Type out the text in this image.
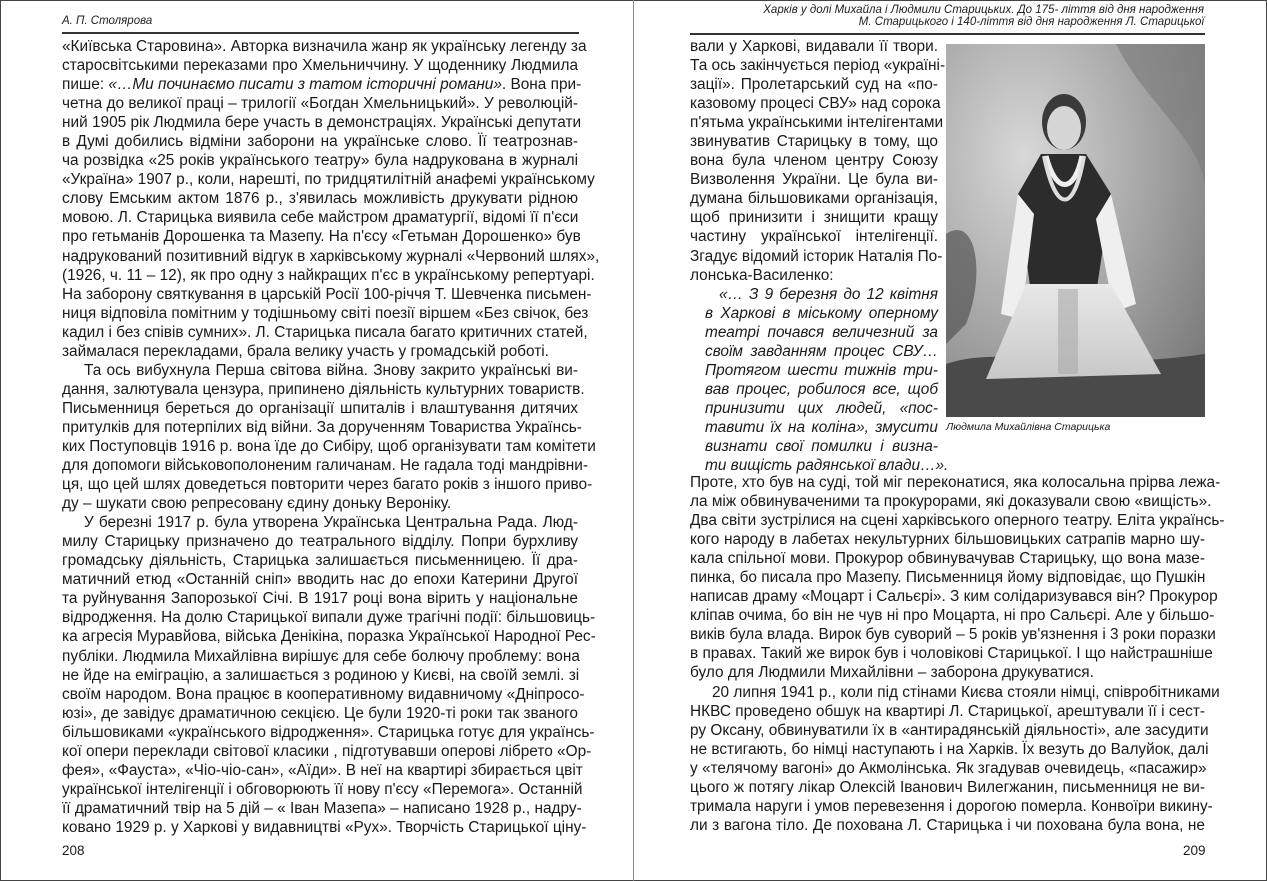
А. П. Столярова
«Київська Старовина». Авторка визначила жанр як українську легенду за
старосвітськими переказами про Хмельниччину. У щоденнику Людмила
пише: «…Ми починаємо писати з татом історичні романи». Вона при-
четна до великої праці – трилогії «Богдан Хмельницький». У революцій-
ний 1905 рік Людмила бере участь в демонстраціях. Українські депутати
в Думі добились відміни заборони на українське слово. Її театрознав-
ча розвідка «25 років українського театру» була надрукована в журналі
«Україна» 1907 р., коли, нарешті, по тридцятилітній анафемі українському
слову Емським актом 1876 р., з'явилась можливість друкувати рідною
мовою. Л. Старицька виявила себе майстром драматургії, відомі її п'єси
про гетьманів Дорошенка та Мазепу. На п'єсу «Гетьман Дорошенко» був
надрукований позитивний відгук в харківському журналі «Червоний шлях»,
(1926, ч. 11 – 12), як про одну з найкращих п'єс в українському репертуарі.
На заборону святкування в царській Росії 100-річчя Т. Шевченка письмен-
ниця відповіла помітним у тодішньому світі поезії віршем «Без свічок, без
кадил і без співів сумних». Л. Старицька писала багато критичних статей,
займалася перекладами, брала велику участь у громадській роботі.
Та ось вибухнула Перша світова війна. Знову закрито українські ви-
дання, залютувала цензура, припинено діяльність культурних товариств.
Письменниця береться до організації шпиталів і влаштування дитячих
притулків для потерпілих від війни. За дорученням Товариства Українсь-
ких Поступовців 1916 р. вона їде до Сибіру, щоб організувати там комітети
для допомоги військовополоненим галичанам. Не гадала тоді мандрівни-
ця, що цей шлях доведеться повторити через багато років з іншого приво-
ду – шукати свою репресовану єдину доньку Вероніку.
У березні 1917 р. була утворена Українська Центральна Рада. Люд-
милу Старицьку призначено до театрального відділу. Попри бурхливу
громадську діяльність, Старицька залишається письменницею. Її дра-
матичний етюд «Останній сніп» вводить нас до епохи Катерини Другої
та руйнування Запорозької Січі. В 1917 році вона вірить у національне
відродження. На долю Старицької випали дуже трагічні події: більшовиць-
ка агресія Муравйова, війська Денікіна, поразка Української Народної Рес-
публіки. Людмила Михайлівна вирішує для себе болючу проблему: вона
не йде на еміграцію, а залишається з родиною у Києві, на своїй землі. зі
своїм народом. Вона працює в кооперативному видавничому «Дніпросо-
юзі», де завідує драматичною секцією. Це були 1920-ті роки так званого
більшовиками «українського відродження». Старицька готує для українсь-
кої опери переклади світової класики , підготувавши оперові лібрето «Ор-
фея», «Фауста», «Чіо-чіо-сан», «Аїди». В неї на квартирі збирається цвіт
української інтелігенції і обговорюють її нову п'єсу «Перемога». Останній
її драматичний твір на 5 дій – « Іван Мазепа» – написано 1928 р., надру-
ковано 1929 р. у Харкові у видавництві «Рух». Творчість Старицької ціну-
208
Харків у долі Михайла і Людмили Старицьких. До 175- ліття від дня народження
М. Старицького і 140-ліття від дня народження Л. Старицької
вали у Харкові, видавали її твори.
Та ось закінчується період «україні-
зації». Пролетарський суд на «по-
казовому процесі СВУ» над сорока
п'ятьма українськими інтелігентами
звинуватив Старицьку в тому, що
вона була членом центру Союзу
Визволення України. Це була ви-
думана більшовиками організація,
щоб принизити і знищити кращу
частину української інтелігенції.
Згадує відомий історик Наталія По-
лонська-Василенко:
«… З 9 березня до 12 квітня
в Харкові в міському оперному
театрі почався величезний за
своїм завданням процес СВУ…
Протягом шести тижнів три-
вав процес, робилося все, щоб
принизити цих людей, «пос-
тавити їх на коліна», змусити
визнати свої помилки і визна-
ти вищість радянської влади…».
Проте, хто був на суді, той міг переконатися, яка колосальна прірва лежа-
ла між обвинуваченими та прокурорами, які доказували свою «вищість».
Два світи зустрілися на сцені харківського оперного театру. Еліта українсь-
кого народу в лабетах некультурних більшовицьких сатрапів марно шу-
кала спільної мови. Прокурор обвинувачував Старицьку, що вона мазе-
пинка, бо писала про Мазепу. Письменниця йому відповідає, що Пушкін
написав драму «Моцарт і Сальєрі». З ким солідаризувався він? Прокурор
кліпав очима, бо він не чув ні про Моцарта, ні про Сальєрі. Але у більшо-
виків була влада. Вирок був суворий – 5 років ув'язнення і 3 роки поразки
в правах. Такий же вирок був і чоловікові Старицької. І що найстрашніше
було для Людмили Михайлівни – заборона друкуватися.
20 липня 1941 р., коли під стінами Києва стояли німці, співробітниками
НКВС проведено обшук на квартирі Л. Старицької, арештували її і сест-
ру Оксану, обвинуватили їх в «антирадянській діяльності», але засудити
не встигають, бо німці наступають і на Харків. Їх везуть до Валуйок, далі
у «телячому вагоні» до Акмолінська. Як згадував очевидець, «пасажир»
цього ж потягу лікар Олексій Іванович Вилегжанин, письменниця не ви-
тримала наруги і умов перевезення і дорогою померла. Конвоїри викину-
ли з вагона тіло. Де похована Л. Старицька і чи похована була вона, не
Людмила Михайлівна Старицька
209
